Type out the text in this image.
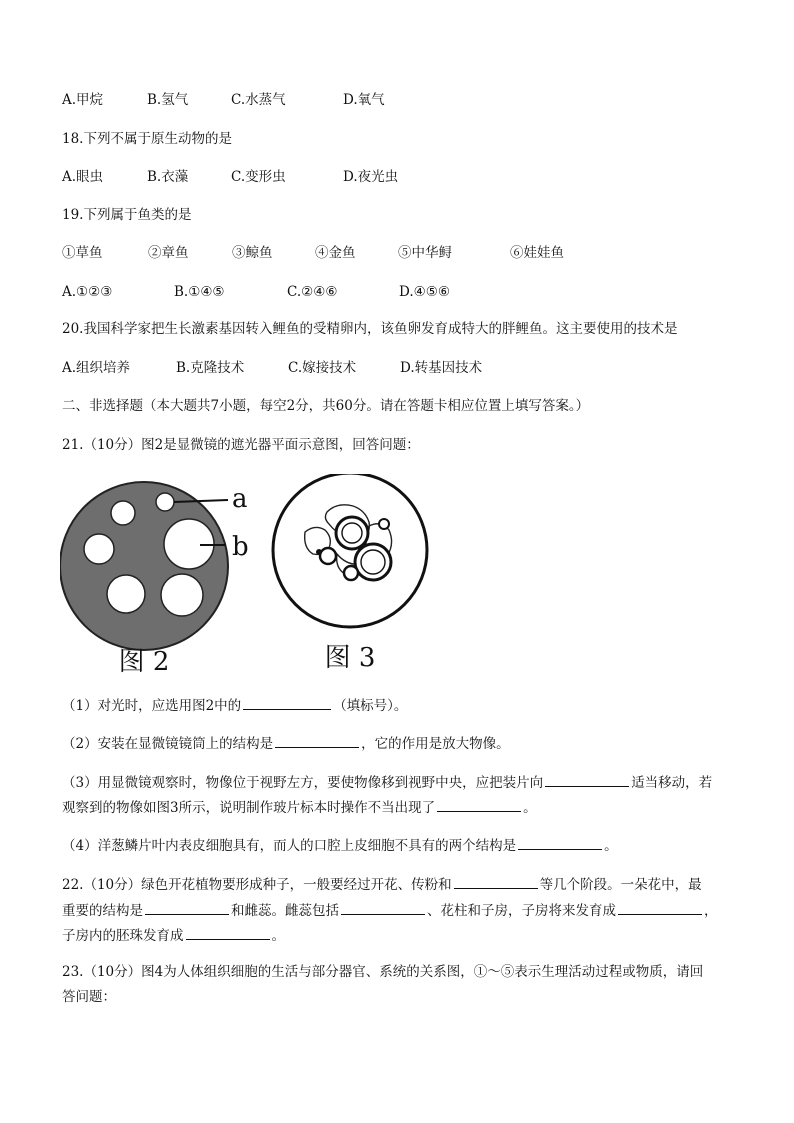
A.甲烷	B.氢气	C.水蒸气	D.氧气
18.下列不属于原生动物的是
A.眼虫	B.衣藻	C.变形虫	D.夜光虫
19.下列属于鱼类的是
①草鱼	②章鱼	③鲸鱼	④金鱼	⑤中华鲟	⑥娃娃鱼
A.①②③	B.①④⑤	C.②④⑥	D.④⑤⑥
20.我国科学家把生长激素基因转入鲤鱼的受精卵内，该鱼卵发育成特大的胖鲤鱼。这主要使用的技术是
A.组织培养	B.克隆技术	C.嫁接技术	D.转基因技术
二、非选择题（本大题共7小题，每空2分，共60分。请在答题卡相应位置上填写答案。）
21.（10分）图2是显微镜的遮光器平面示意图，回答问题：
a
b
图 2	图 3
（1）对光时，应选用图2中的	（填标号）。
（2）安装在显微镜镜筒上的结构是	，它的作用是放大物像。
（3）用显微镜观察时，物像位于视野左方，要使物像移到视野中央，应把装片向	适当移动，若
观察到的物像如图3所示，说明制作玻片标本时操作不当出现了	。
（4）洋葱鳞片叶内表皮细胞具有，而人的口腔上皮细胞不具有的两个结构是	。
22.（10分）绿色开花植物要形成种子，一般要经过开花、传粉和	等几个阶段。一朵花中，最
重要的结构是	和雌蕊。雌蕊包括	、花柱和子房，子房将来发育成	，
子房内的胚珠发育成	。
23.（10分）图4为人体组织细胞的生活与部分器官、系统的关系图，①～⑤表示生理活动过程或物质，请回
答问题：
